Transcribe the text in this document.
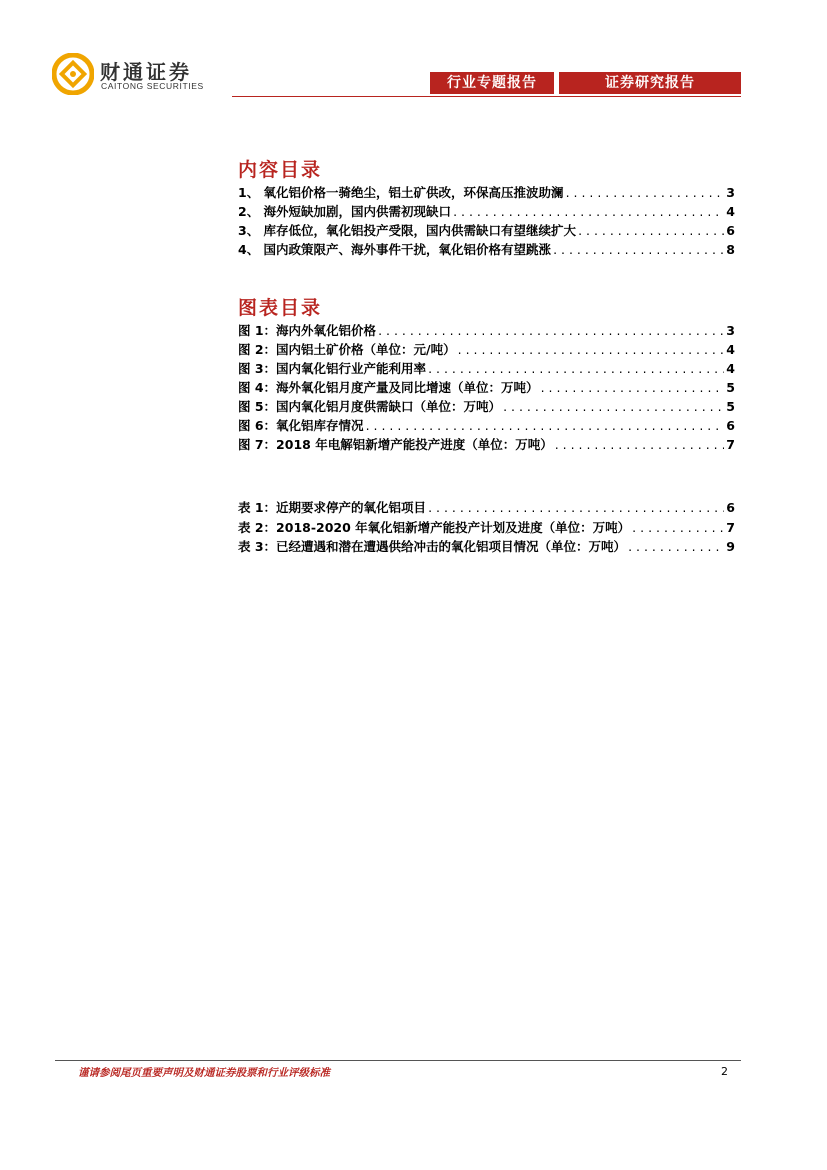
财通证券
CAITONG SECURITIES	行业专题报告	证券研究报告
内容目录
1、 氧化铝价格一骑绝尘，铝土矿供改，环保高压推波助澜 . . .	3
2、 海外短缺加剧，国内供需初现缺口 . . .	4
3、 库存低位，氧化铝投产受限，国内供需缺口有望继续扩大 . . .	6
4、 国内政策限产、海外事件干扰，氧化铝价格有望跳涨 . . .	8
图表目录
图 1：海内外氧化铝价格 . . .	3
图 2：国内铝土矿价格（单位：元/吨） . . .	4
图 3：国内氧化铝行业产能利用率 . . .	4
图 4：海外氧化铝月度产量及同比增速（单位：万吨） . . .	5
图 5：国内氧化铝月度供需缺口（单位：万吨） . . .	5
图 6：氧化铝库存情况 . . .	6
图 7：2018 年电解铝新增产能投产进度（单位：万吨） . . .	7
表 1：近期要求停产的氧化铝项目 . . .	6
表 2：2018-2020 年氧化铝新增产能投产计划及进度（单位：万吨） . . .	7
表 3：已经遭遇和潜在遭遇供给冲击的氧化铝项目情况（单位：万吨） . . .	9
谨请参阅尾页重要声明及财通证券股票和行业评级标准	2
